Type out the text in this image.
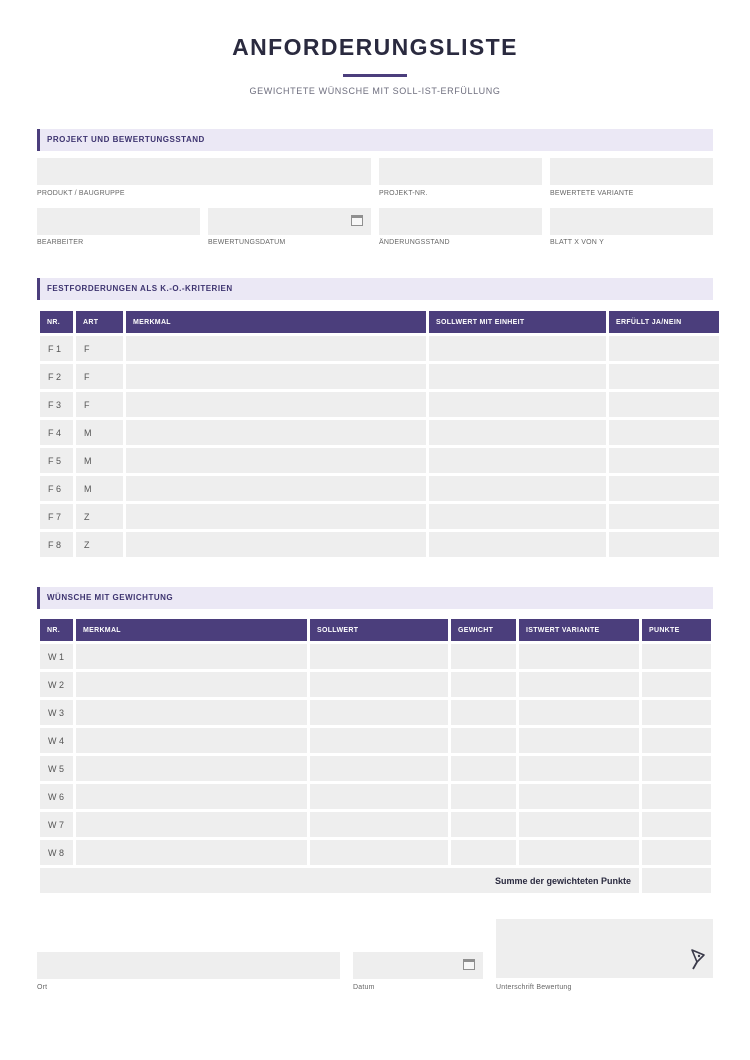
ANFORDERUNGSLISTE
GEWICHTETE WÜNSCHE MIT SOLL-IST-ERFÜLLUNG
PROJEKT UND BEWERTUNGSSTAND
PRODUKT / BAUGRUPPE	PROJEKT-NR.	BEWERTETE VARIANTE
BEARBEITER	BEWERTUNGSDATUM	ÄNDERUNGSSTAND	BLATT X VON Y
FESTFORDERUNGEN ALS K.-O.-KRITERIEN
NR.	ART	MERKMAL	SOLLWERT MIT EINHEIT	ERFÜLLT JA/NEIN
F 1	F			
F 2	F			
F 3	F			
F 4	M			
F 5	M			
F 6	M			
F 7	Z			
F 8	Z			
WÜNSCHE MIT GEWICHTUNG
NR.	MERKMAL	SOLLWERT	GEWICHT	ISTWERT VARIANTE	PUNKTE
W 1					
W 2					
W 3					
W 4					
W 5					
W 6					
W 7					
W 8					
Summe der gewichteten Punkte					
Ort	Datum	Unterschrift Bewertung
